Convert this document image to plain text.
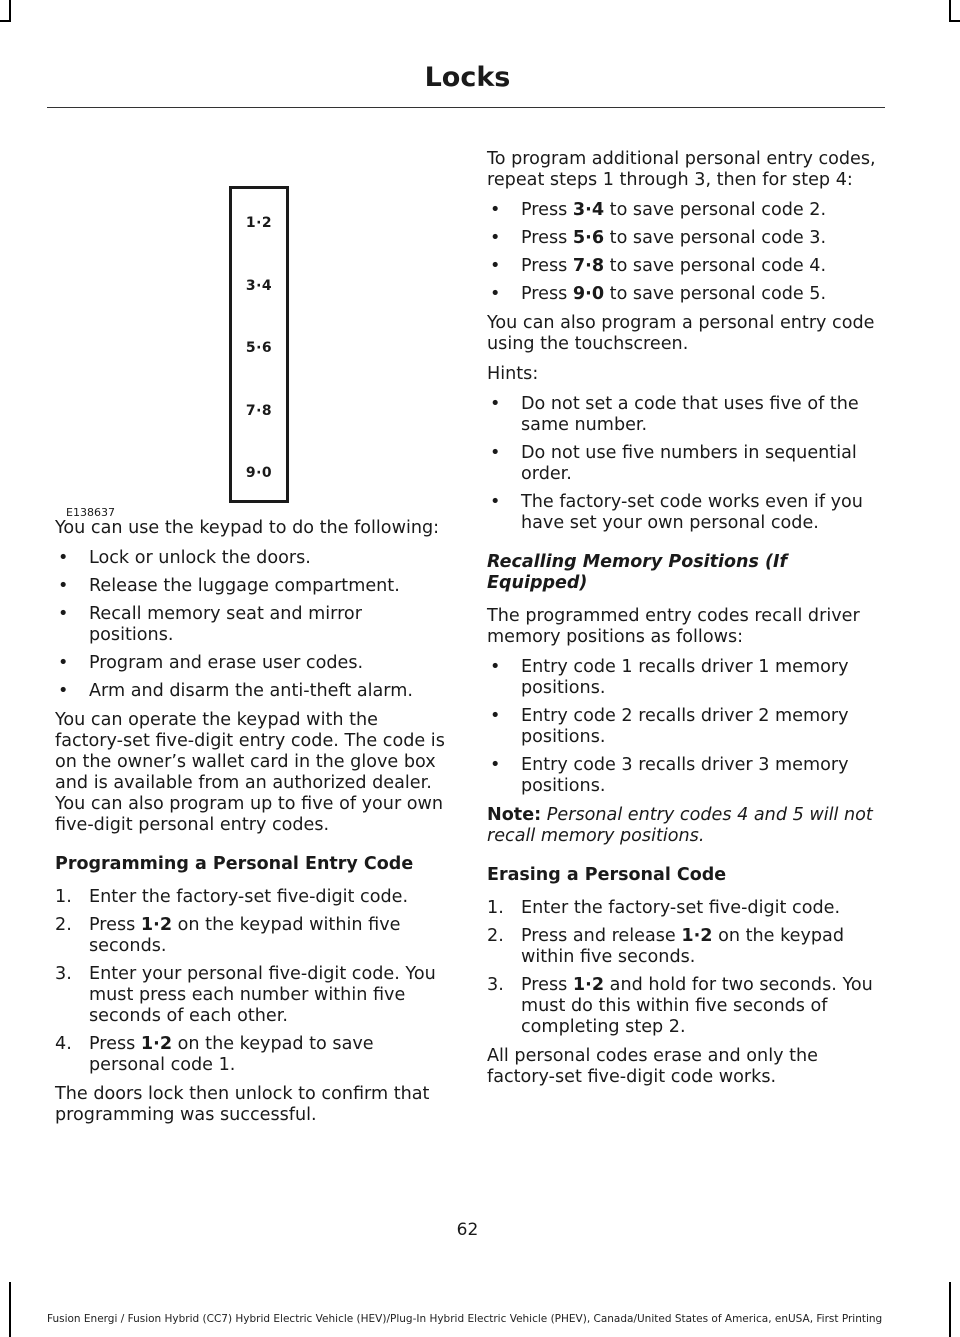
Locks
1·2
3·4
5·6
7·8
9·0
E138637

You can use the keypad to do the following:

• Lock or unlock the doors.
• Release the luggage compartment.
• Recall memory seat and mirror positions.
• Program and erase user codes.
• Arm and disarm the anti-theft alarm.

You can operate the keypad with the factory-set five-digit entry code. The code is on the owner’s wallet card in the glove box and is available from an authorized dealer. You can also program up to five of your own five-digit personal entry codes.

Programming a Personal Entry Code
1. Enter the factory-set five-digit code.
2. Press 1·2 on the keypad within five seconds.
3. Enter your personal five-digit code. You must press each number within five seconds of each other.
4. Press 1·2 on the keypad to save personal code 1.

The doors lock then unlock to confirm that programming was successful.

To program additional personal entry codes, repeat steps 1 through 3, then for step 4:

• Press 3·4 to save personal code 2.
• Press 5·6 to save personal code 3.
• Press 7·8 to save personal code 4.
• Press 9·0 to save personal code 5.

You can also program a personal entry code using the touchscreen.

Hints:

• Do not set a code that uses five of the same number.
• Do not use five numbers in sequential order.
• The factory-set code works even if you have set your own personal code.
Recalling Memory Positions (If Equipped)

The programmed entry codes recall driver memory positions as follows:

• Entry code 1 recalls driver 1 memory positions.
• Entry code 2 recalls driver 2 memory positions.
• Entry code 3 recalls driver 3 memory positions.

Note: Personal entry codes 4 and 5 will not recall memory positions.

Erasing a Personal Code
1. Enter the factory-set five-digit code.
2. Press and release 1·2 on the keypad within five seconds.
3. Press 1·2 and hold for two seconds. You must do this within five seconds of completing step 2.

All personal codes erase and only the factory-set five-digit code works.

62
Fusion Energi / Fusion Hybrid (CC7) Hybrid Electric Vehicle (HEV)/Plug-In Hybrid Electric Vehicle (PHEV), Canada/United States of America, enUSA, First Printing
